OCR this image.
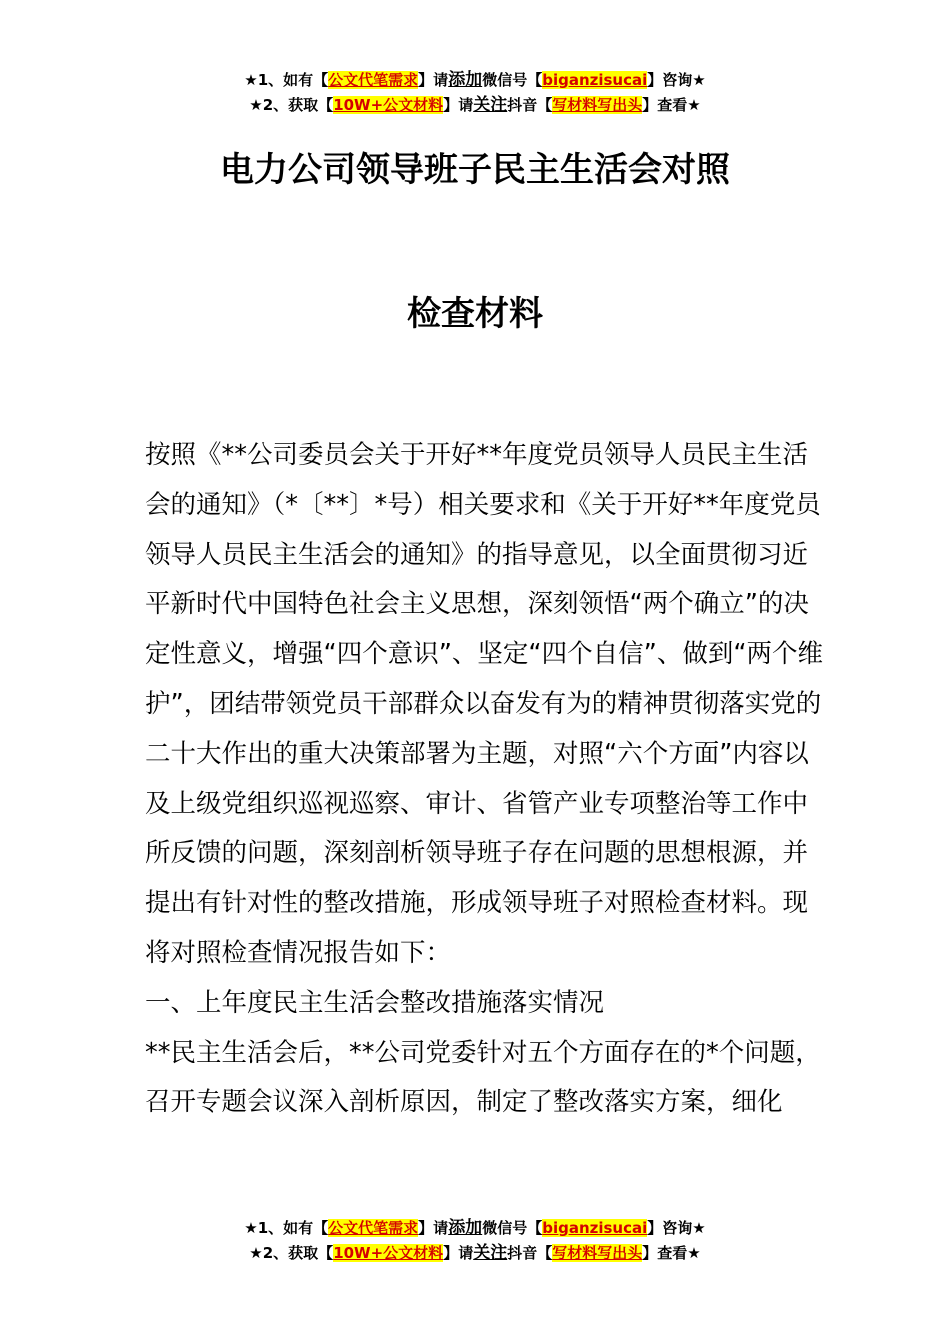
★1、如有【公文代笔需求】请添加微信号【biganzisucai】咨询★
★2、获取【10W+公文材料】请关注抖音【写材料写出头】查看★
电力公司领导班子民主生活会对照
检查材料

按照《**公司委员会关于开好**年度党员领导人员民主生活会的通知》（*〔**〕*号）相关要求和《关于开好**年度党员领导人员民主生活会的通知》的指导意见，以全面贯彻习近平新时代中国特色社会主义思想，深刻领悟“两个确立”的决定性意义，增强“四个意识”、坚定“四个自信”、做到“两个维护”，团结带领党员干部群众以奋发有为的精神贯彻落实党的二十大作出的重大决策部署为主题，对照“六个方面”内容以及上级党组织巡视巡察、审计、省管产业专项整治等工作中所反馈的问题，深刻剖析领导班子存在问题的思想根源，并提出有针对性的整改措施，形成领导班子对照检查材料。现将对照检查情况报告如下：

一、上年度民主生活会整改措施落实情况

**民主生活会后，**公司党委针对五个方面存在的*个问题，召开专题会议深入剖析原因，制定了整改落实方案，细化

★1、如有【公文代笔需求】请添加微信号【biganzisucai】咨询★
★2、获取【10W+公文材料】请关注抖音【写材料写出头】查看★
